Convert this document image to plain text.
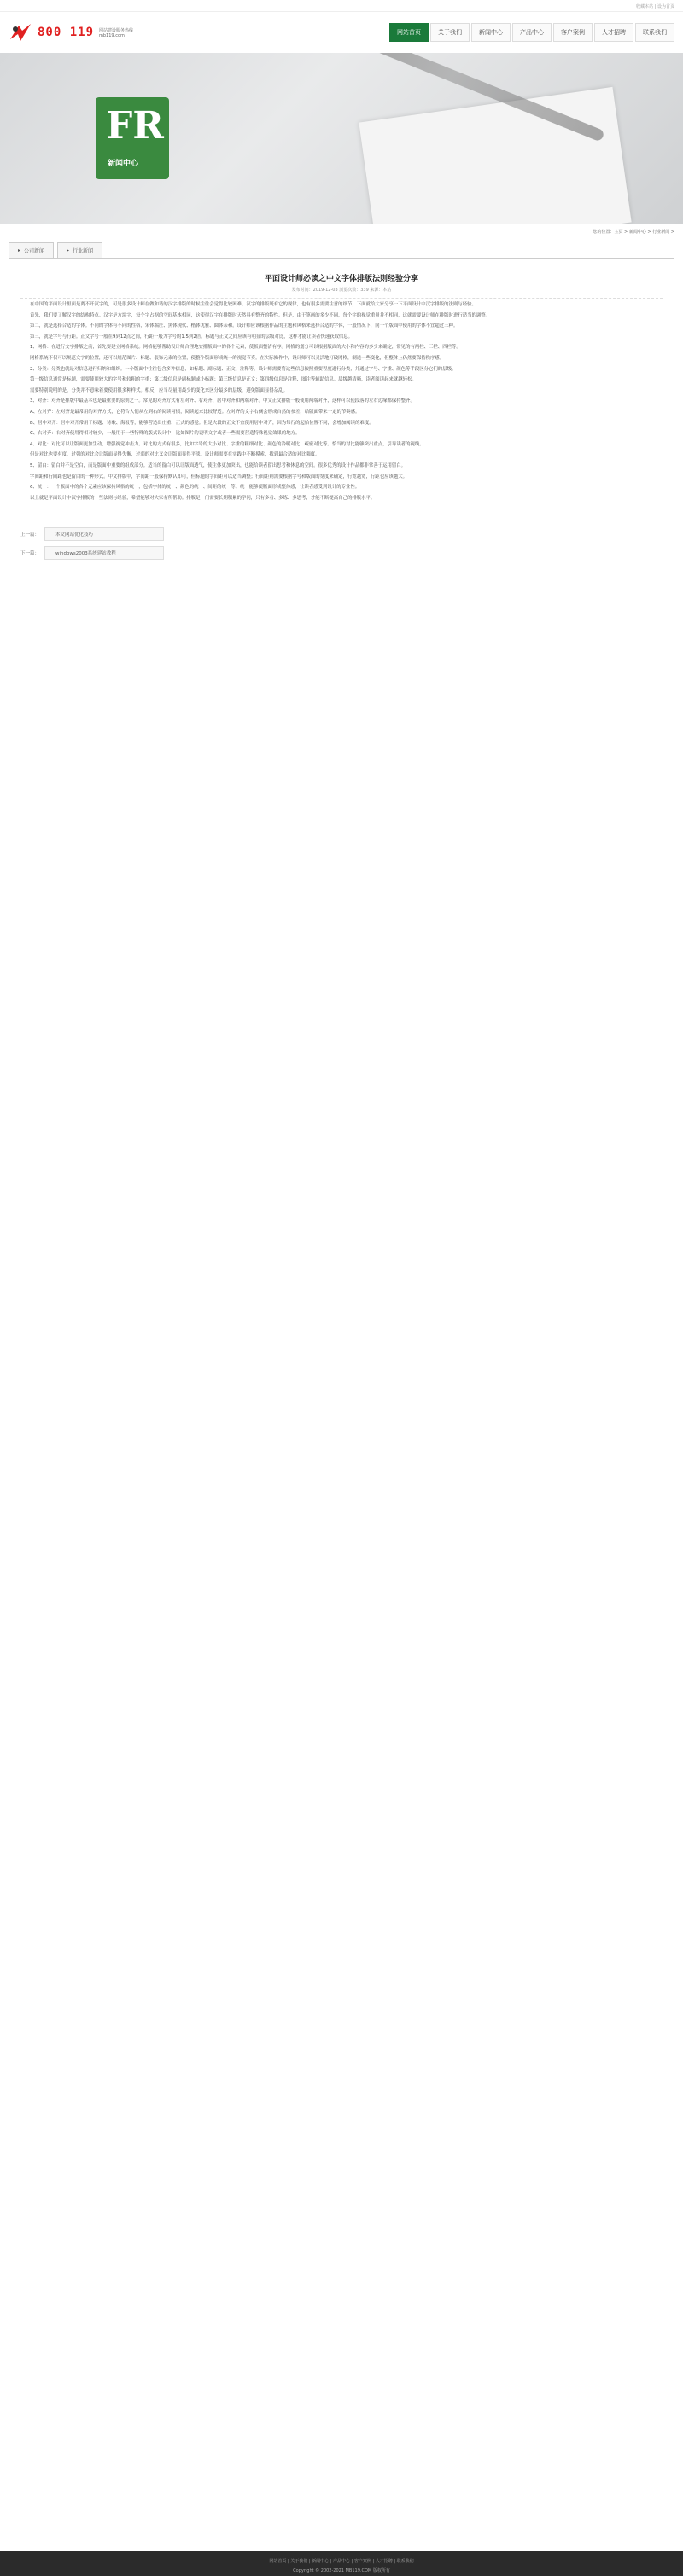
收藏本站 | 设为首页
800 119 网站建设服务热线
mb119.com	网站首页	关于我们	新闻中心	产品中心	客户案例	人才招聘	联系我们
FR
新闻中心
您的位置：主页 > 新闻中心 > 行业新闻 >
▸ 公司新闻	▸ 行业新闻
平面设计师必读之中文字体排版法则经验分享
发布时间：2019-12-03 浏览次数：339 来源：本站

在中国的平面设计里面是离不开汉字的，可是很多设计师在做和谐的汉字排版的时候往往会觉得比较困难。汉字的排版既有它的规律，也有很多需要注意的细节，下面就给大家分享一下平面设计中汉字排版的法则与经验。

首先，我们要了解汉字的结构特点。汉字是方块字，每个字占据的空间基本相同，这使得汉字在排版时天然具有整齐的特性。但是，由于笔画的多少不同，每个字的视觉重量并不相同，这就需要设计师在排版时进行适当的调整。

第二，就是选择合适的字体。不同的字体有不同的性格，宋体端庄、黑体现代、楷体优雅、圆体亲和。设计师应该根据作品的主题和风格来选择合适的字体，一般情况下，同一个版面中使用的字体不宜超过三种。

第三，就是字号与行距。正文字号一般在9到12点之间，行距一般为字号的1.5到2倍。标题与正文之间应该有明显的层级对比，这样才能让读者快速获取信息。

1、网格：在进行文字排版之前，首先要建立网格系统。网格能够帮助设计师合理地安排版面中的各个元素，使版面整洁有序。网格的划分可以根据版面的大小和内容的多少来确定，常见的有两栏、三栏、四栏等。

网格系统不仅可以规范文字的位置，还可以规范图片、标题、装饰元素的位置，使整个版面形成统一的视觉节奏。在实际操作中，设计师可以灵活地打破网格，制造一些变化，但整体上仍然要保持秩序感。

2、分类：分类也就是对信息进行归纳和组织。一个版面中往往包含多种信息，如标题、副标题、正文、注释等，设计师需要将这些信息按照重要程度进行分类，并通过字号、字重、颜色等手段区分它们的层级。

第一级信息通常是标题，需要使用较大的字号和较粗的字重；第二级信息是副标题或小标题；第三级信息是正文；第四级信息是注释、图注等辅助信息。层级越清晰，读者阅读起来就越轻松。

需要特别说明的是，分类并不意味着要使用很多种样式。相反，应当尽量用最少的变化来区分最多的层级，避免版面显得杂乱。

3、对齐：对齐是排版中最基本也是最重要的原则之一。常见的对齐方式有左对齐、右对齐、居中对齐和两端对齐。中文正文排版一般使用两端对齐，这样可以使段落的左右边缘都保持整齐。

A、左对齐：左对齐是最常用的对齐方式，它符合人们从左到右的阅读习惯，阅读起来比较舒适。左对齐的文字右侧会形成自然的参差，给版面带来一定的节奏感。

B、居中对齐：居中对齐常用于标题、诗歌、海报等，能够营造出庄重、正式的感觉。但是大段的正文不宜使用居中对齐，因为每行的起始位置不同，会增加阅读的难度。

C、右对齐：右对齐使用得相对较少，一般用于一些特殊的版式设计中，比如图片的说明文字或者一些需要营造特殊视觉效果的地方。

4、对比：对比可以让版面更加生动，增强视觉冲击力。对比的方式有很多，比如字号的大小对比、字重的粗细对比、颜色的冷暖对比、疏密对比等。恰当的对比能够突出重点，引导读者的视线。

但是对比也要有度，过强的对比会让版面显得失衡，过弱的对比又会让版面显得平淡。设计师需要在实践中不断摸索，找到最合适的对比强度。

5、留白：留白并不是空白，而是版面中重要的组成部分。适当的留白可以让版面透气，使主体更加突出，也能给读者留出思考和休息的空间。很多优秀的设计作品都非常善于运用留白。

字间距和行间距也是留白的一种形式。中文排版中，字间距一般保持默认即可，但标题的字间距可以适当调整；行间距则需要根据字号和版面的宽度来确定，行宽越宽，行距也应该越大。

6、统一：一个版面中的各个元素应该保持风格的统一，包括字体的统一、颜色的统一、间距的统一等。统一能够使版面形成整体感，让读者感受到设计的专业性。

以上就是平面设计中汉字排版的一些法则与经验，希望能够对大家有所帮助。排版是一门需要长期积累的学问，只有多看、多练、多思考，才能不断提高自己的排版水平。

上一篇：	本文网站优化技巧
下一篇：	windows2003系统建站教程
网站首页 | 关于我们 | 新闻中心 | 产品中心 | 客户案例 | 人才招聘 | 联系我们
Copyright © 2002-2021 MB119.COM 版权所有
